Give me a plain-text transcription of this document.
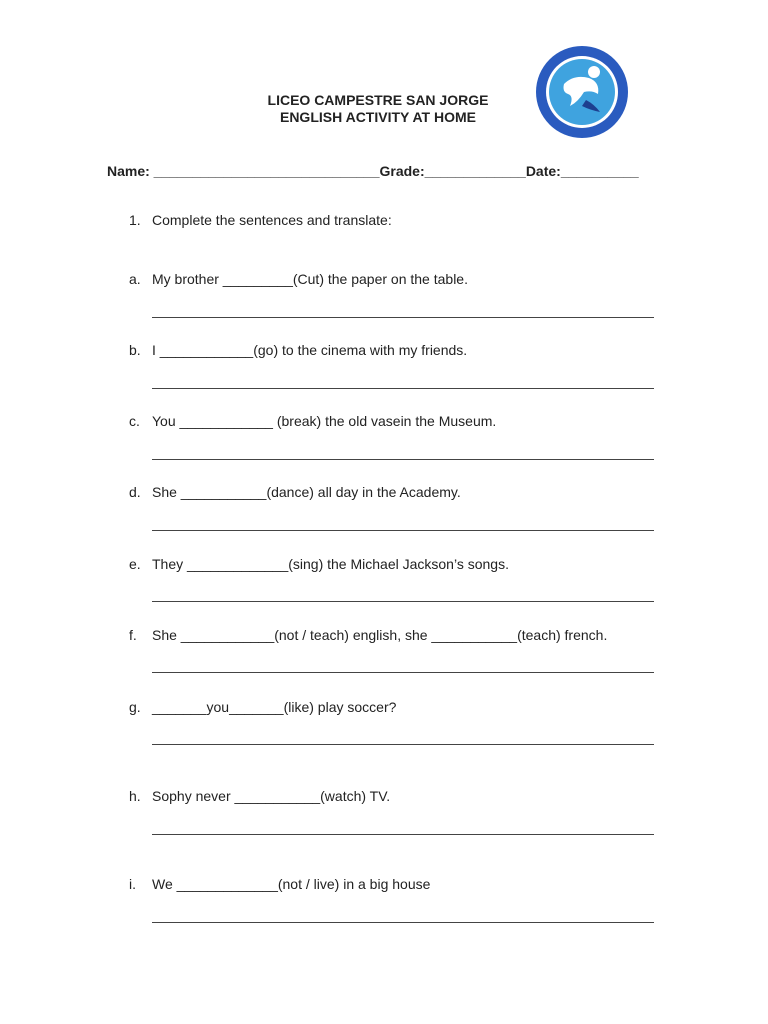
LICEO CAMPESTRE SAN JORGE
ENGLISH ACTIVITY AT HOME
Name: _____________________________Grade:_____________Date:__________
1. Complete the sentences and translate:
a. My brother _________(Cut) the paper on the table.
b. I ____________(go) to the cinema with my friends.
c. You ____________ (break) the old vasein the Museum.
d. She ___________(dance) all day in the Academy.
e. They _____________(sing) the Michael Jackson’s songs.
f. She ____________(not / teach) english, she ___________(teach) french.
g. _______you_______(like) play soccer?
h. Sophy never ___________(watch) TV.
i. We _____________(not / live) in a big house
